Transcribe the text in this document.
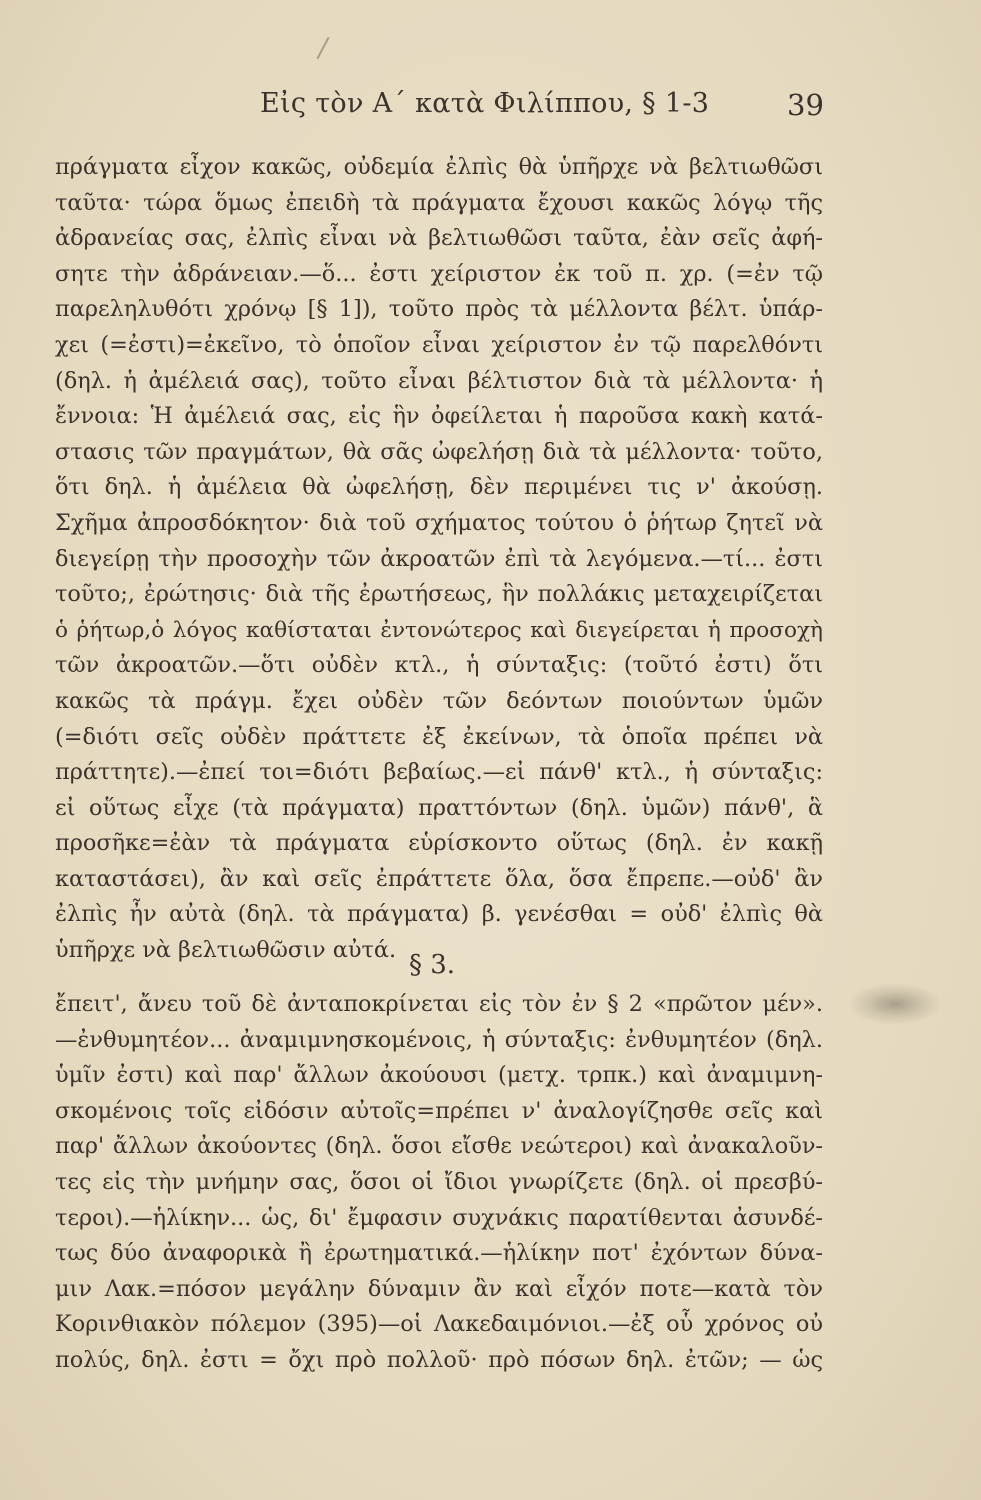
Εἰς τὸν Α´ κατὰ Φιλίππου, § 1-3	39
πράγματα εἶχον κακῶς, οὐδεμία ἐλπὶς θὰ ὑπῆρχε νὰ βελτιωθῶσι
ταῦτα· τώρα ὅμως ἐπειδὴ τὰ πράγματα ἔχουσι κακῶς λόγῳ τῆς
ἀδρανείας σας, ἐλπὶς εἶναι νὰ βελτιωθῶσι ταῦτα, ἐὰν σεῖς ἀφή-
σητε τὴν ἀδράνειαν.—ὅ... ἐστι χείριστον ἐκ τοῦ π. χρ. (=ἐν τῷ
παρεληλυθότι χρόνῳ [§ 1]), τοῦτο πρὸς τὰ μέλλοντα βέλτ. ὑπάρ-
χει (=ἐστι)=ἐκεῖνο, τὸ ὁποῖον εἶναι χείριστον ἐν τῷ παρελθόντι
(δηλ. ἡ ἀμέλειά σας), τοῦτο εἶναι βέλτιστον διὰ τὰ μέλλοντα· ἡ
ἔννοια: Ἡ ἀμέλειά σας, εἰς ἣν ὀφείλεται ἡ παροῦσα κακὴ κατά-
στασις τῶν πραγμάτων, θὰ σᾶς ὠφελήσῃ διὰ τὰ μέλλοντα· τοῦτο,
ὅτι δηλ. ἡ ἀμέλεια θὰ ὠφελήσῃ, δὲν περιμένει τις ν' ἀκούσῃ.
Σχῆμα ἀπροσδόκητον· διὰ τοῦ σχήματος τούτου ὁ ῥήτωρ ζητεῖ νὰ
διεγείρῃ τὴν προσοχὴν τῶν ἀκροατῶν ἐπὶ τὰ λεγόμενα.—τί... ἐστι
τοῦτο;, ἐρώτησις· διὰ τῆς ἐρωτήσεως, ἣν πολλάκις μεταχειρίζεται
ὁ ῥήτωρ,ὁ λόγος καθίσταται ἐντονώτερος καὶ διεγείρεται ἡ προσοχὴ
τῶν ἀκροατῶν.—ὅτι οὐδὲν κτλ., ἡ σύνταξις: (τοῦτό ἐστι) ὅτι
κακῶς τὰ πράγμ. ἔχει οὐδὲν τῶν δεόντων ποιούντων ὑμῶν
(=διότι σεῖς οὐδὲν πράττετε ἐξ ἐκείνων, τὰ ὁποῖα πρέπει νὰ
πράττητε).—ἐπεί τοι=διότι βεβαίως.—εἰ πάνθ' κτλ., ἡ σύνταξις:
εἰ οὕτως εἶχε (τὰ πράγματα) πραττόντων (δηλ. ὑμῶν) πάνθ', ἃ
προσῆκε=ἐὰν τὰ πράγματα εὑρίσκοντο οὕτως (δηλ. ἐν κακῇ
καταστάσει), ἂν καὶ σεῖς ἐπράττετε ὅλα, ὅσα ἔπρεπε.—οὐδ' ἂν
ἐλπὶς ἦν αὐτὰ (δηλ. τὰ πράγματα) β. γενέσθαι = οὐδ' ἐλπὶς θὰ
ὑπῆρχε νὰ βελτιωθῶσιν αὐτά. § 3.
ἔπειτ', ἄνευ τοῦ δὲ ἀνταποκρίνεται εἰς τὸν ἐν § 2 «πρῶτον μέν».
—ἐνθυμητέον... ἀναμιμνησκομένοις, ἡ σύνταξις: ἐνθυμητέον (δηλ.
ὑμῖν ἐστι) καὶ παρ' ἄλλων ἀκούουσι (μετχ. τρπκ.) καὶ ἀναμιμνη-
σκομένοις τοῖς εἰδόσιν αὐτοῖς=πρέπει ν' ἀναλογίζησθε σεῖς καὶ
παρ' ἄλλων ἀκούοντες (δηλ. ὅσοι εἴσθε νεώτεροι) καὶ ἀνακαλοῦν-
τες εἰς τὴν μνήμην σας, ὅσοι οἱ ἴδιοι γνωρίζετε (δηλ. οἱ πρεσβύ-
τεροι).—ἡλίκην... ὡς, δι' ἔμφασιν συχνάκις παρατίθενται ἀσυνδέ-
τως δύο ἀναφορικὰ ἢ ἐρωτηματικά.—ἡλίκην ποτ' ἐχόντων δύνα-
μιν Λακ.=πόσον μεγάλην δύναμιν ἂν καὶ εἶχόν ποτε—κατὰ τὸν
Κορινθιακὸν πόλεμον (395)—οἱ Λακεδαιμόνιοι.—ἐξ οὗ χρόνος οὐ
πολύς, δηλ. ἐστι = ὄχι πρὸ πολλοῦ· πρὸ πόσων δηλ. ἐτῶν; — ὡς
